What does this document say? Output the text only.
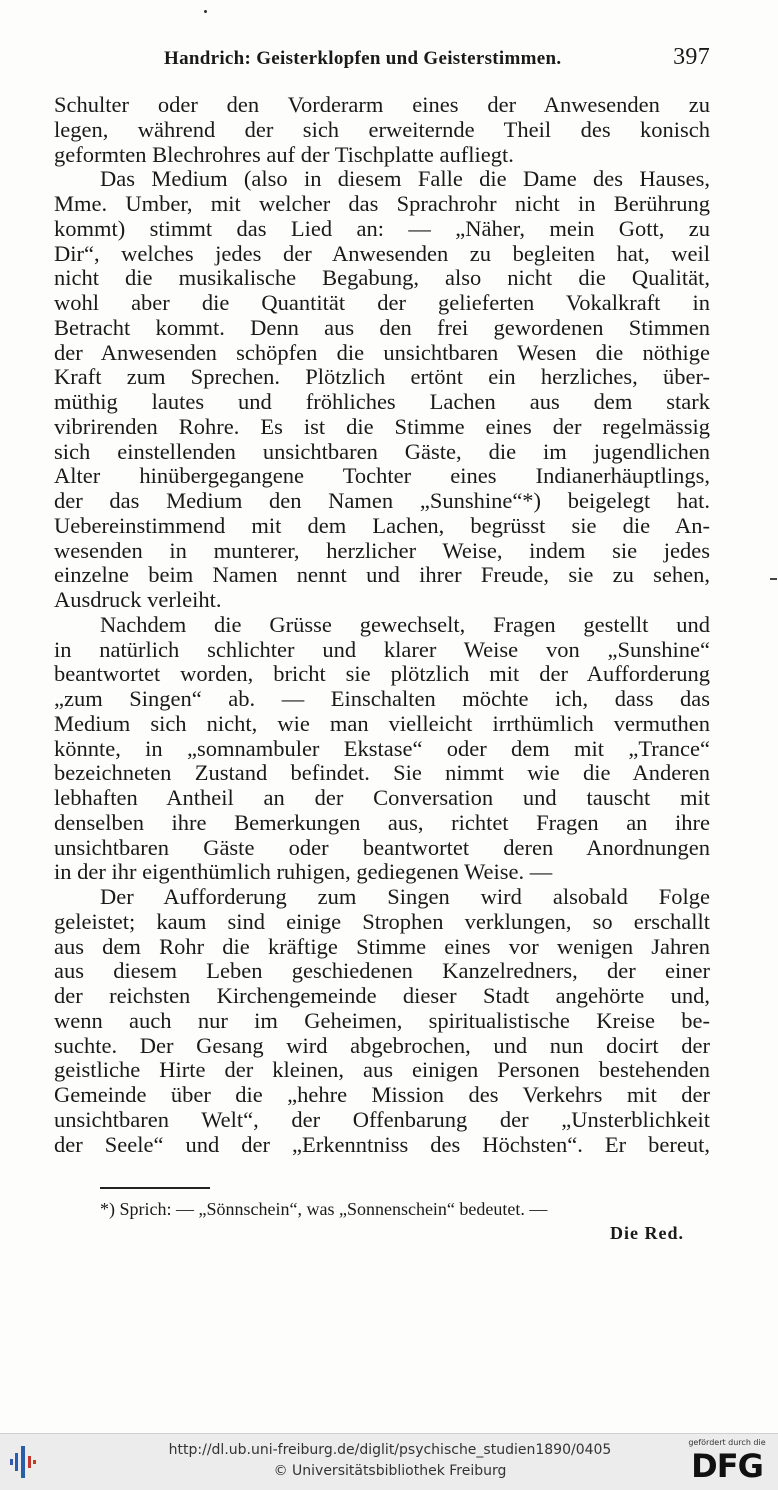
Handrich: Geisterklopfen und Geisterstimmen.	397
Schulter oder den Vorderarm eines der Anwesenden zu
legen, während der sich erweiternde Theil des konisch
geformten Blechrohres auf der Tischplatte aufliegt.
Das Medium (also in diesem Falle die Dame des Hauses,
Mme. Umber, mit welcher das Sprachrohr nicht in Berührung
kommt) stimmt das Lied an: — „Näher, mein Gott, zu
Dir“, welches jedes der Anwesenden zu begleiten hat, weil
nicht die musikalische Begabung, also nicht die Qualität,
wohl aber die Quantität der gelieferten Vokalkraft in
Betracht kommt. Denn aus den frei gewordenen Stimmen
der Anwesenden schöpfen die unsichtbaren Wesen die nöthige
Kraft zum Sprechen. Plötzlich ertönt ein herzliches, über-
müthig lautes und fröhliches Lachen aus dem stark
vibrirenden Rohre. Es ist die Stimme eines der regelmässig
sich einstellenden unsichtbaren Gäste, die im jugendlichen
Alter hinübergegangene Tochter eines Indianerhäuptlings,
der das Medium den Namen „Sunshine“*) beigelegt hat.
Uebereinstimmend mit dem Lachen, begrüsst sie die An-
wesenden in munterer, herzlicher Weise, indem sie jedes
einzelne beim Namen nennt und ihrer Freude, sie zu sehen,
Ausdruck verleiht.
Nachdem die Grüsse gewechselt, Fragen gestellt und
in natürlich schlichter und klarer Weise von „Sunshine“
beantwortet worden, bricht sie plötzlich mit der Aufforderung
„zum Singen“ ab. — Einschalten möchte ich, dass das
Medium sich nicht, wie man vielleicht irrthümlich vermuthen
könnte, in „somnambuler Ekstase“ oder dem mit „Trance“
bezeichneten Zustand befindet. Sie nimmt wie die Anderen
lebhaften Antheil an der Conversation und tauscht mit
denselben ihre Bemerkungen aus, richtet Fragen an ihre
unsichtbaren Gäste oder beantwortet deren Anordnungen
in der ihr eigenthümlich ruhigen, gediegenen Weise. —
Der Aufforderung zum Singen wird alsobald Folge
geleistet; kaum sind einige Strophen verklungen, so erschallt
aus dem Rohr die kräftige Stimme eines vor wenigen Jahren
aus diesem Leben geschiedenen Kanzelredners, der einer
der reichsten Kirchengemeinde dieser Stadt angehörte und,
wenn auch nur im Geheimen, spiritualistische Kreise be-
suchte. Der Gesang wird abgebrochen, und nun docirt der
geistliche Hirte der kleinen, aus einigen Personen bestehenden
Gemeinde über die „hehre Mission des Verkehrs mit der
unsichtbaren Welt“, der Offenbarung der „Unsterblichkeit
der Seele“ und der „Erkenntniss des Höchsten“. Er bereut,
*) Sprich: — „Sönnschein“, was „Sonnenschein“ bedeutet. —
Die Red.
http://dl.ub.uni-freiburg.de/diglit/psychische_studien1890/0405
© Universitätsbibliothek Freiburg
gefördert durch die
DFG
